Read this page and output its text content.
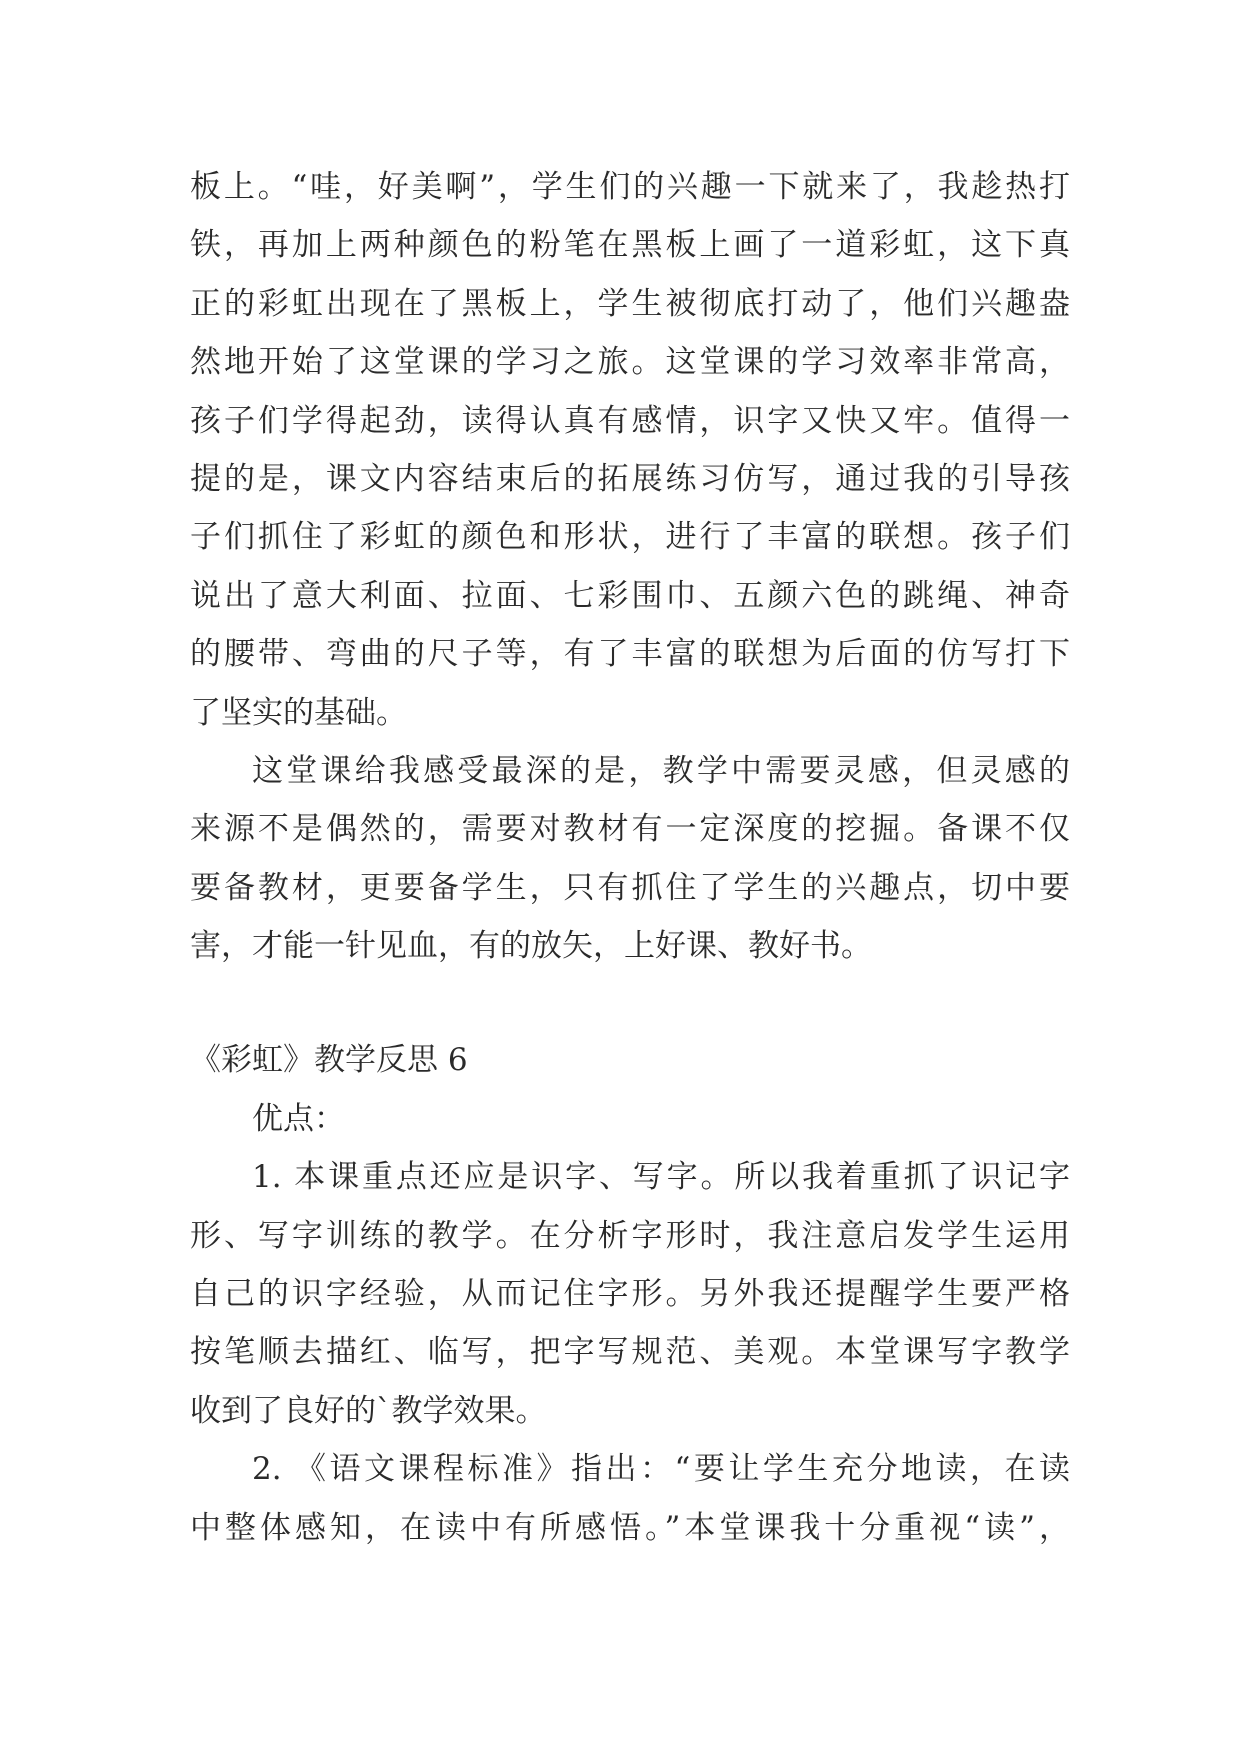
板上。“哇，好美啊”，学生们的兴趣一下就来了，我趁热打
铁，再加上两种颜色的粉笔在黑板上画了一道彩虹，这下真
正的彩虹出现在了黑板上，学生被彻底打动了，他们兴趣盎
然地开始了这堂课的学习之旅。这堂课的学习效率非常高，
孩子们学得起劲，读得认真有感情，识字又快又牢。值得一
提的是，课文内容结束后的拓展练习仿写，通过我的引导孩
子们抓住了彩虹的颜色和形状，进行了丰富的联想。孩子们
说出了意大利面、拉面、七彩围巾、五颜六色的跳绳、神奇
的腰带、弯曲的尺子等，有了丰富的联想为后面的仿写打下
了坚实的基础。
这堂课给我感受最深的是，教学中需要灵感，但灵感的
来源不是偶然的，需要对教材有一定深度的挖掘。备课不仅
要备教材，更要备学生，只有抓住了学生的兴趣点，切中要
害，才能一针见血，有的放矢，上好课、教好书。
《彩虹》教学反思 6
优点：
1. 本课重点还应是识字、写字。所以我着重抓了识记字
形、写字训练的教学。在分析字形时，我注意启发学生运用
自己的识字经验，从而记住字形。另外我还提醒学生要严格
按笔顺去描红、临写，把字写规范、美观。本堂课写字教学
收到了良好的`教学效果。
2. 《语文课程标准》指出：“要让学生充分地读，在读
中整体感知，在读中有所感悟。”本堂课我十分重视“读”，
